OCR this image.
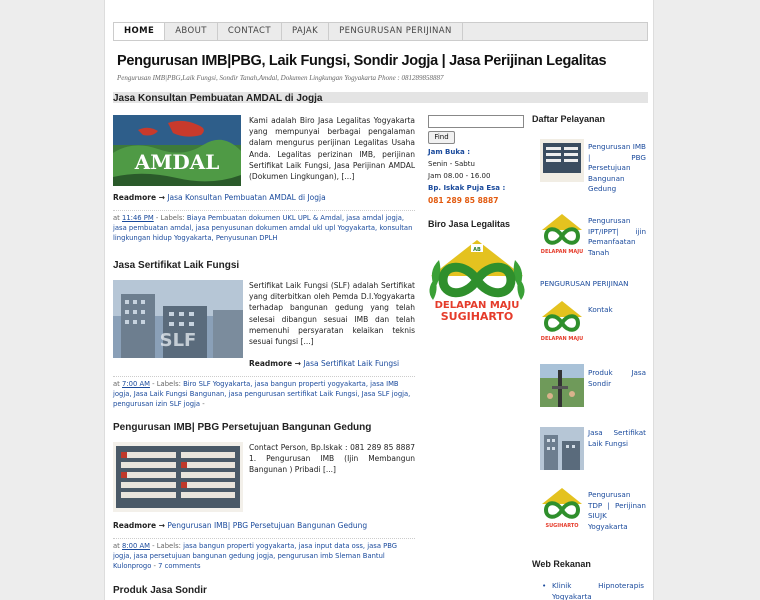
HOME	ABOUT	CONTACT	PAJAK	PENGURUSAN PERIJINAN
Pengurusan IMB|PBG, Laik Fungsi, Sondir Jogja | Jasa Perijinan Legalitas
Pengurusan IMB|PBG,Laik Fungsi, Sondir Tanah,Amdal, Dokumen Lingkungan Yogyakarta Phone : 081289858887
Jasa Konsultan Pembuatan AMDAL di Jogja
AMDAL
Kami adalah Biro Jasa Legalitas Yogyakarta yang mempunyai berbagai pengalaman dalam mengurus perijinan Legalitas Usaha Anda. Legalitas perizinan IMB, perijinan Sertifikat Laik Fungsi, Jasa Perijinan AMDAL (Dokumen Lingkungan), [...]
Readmore → Jasa Konsultan Pembuatan AMDAL di Jogja
at 11:46 PM - Labels: Biaya Pembuatan dokumen UKL UPL & Amdal, jasa amdal jogja, jasa pembuatan amdal, jasa penyusunan dokumen amdal ukl upl Yogyakarta, konsultan lingkungan hidup Yogyakarta, Penyusunan DPLH
Jasa Sertifikat Laik Fungsi
SLF
Sertifikat Laik Fungsi (SLF) adalah Sertifikat yang diterbitkan oleh Pemda D.I.Yogyakarta terhadap bangunan gedung yang telah selesai dibangun sesuai IMB dan telah memenuhi persyaratan kelaikan teknis sesuai fungsi [...]
Readmore → Jasa Sertifikat Laik Fungsi
at 7:00 AM - Labels: Biro SLF Yogyakarta, jasa bangun properti yogyakarta, jasa IMB jogja, Jasa Laik Fungsi Bangunan, jasa pengurusan sertifikat Laik Fungsi, Jasa SLF jogja, pengurusan izin SLF jogja -
Pengurusan IMB| PBG Persetujuan Bangunan Gedung
Contact Person, Bp.Iskak : 081 289 85 8887 1. Pengurusan IMB (Ijin Membangun Bangunan ) Pribadi [...]
Readmore → Pengurusan IMB| PBG Persetujuan Bangunan Gedung
at 8:00 AM - Labels: jasa bangun properti yogyakarta, jasa input data oss, jasa PBG jogja, jasa persetujuan bangunan gedung jogja, pengurusan imb Sleman Bantul Kulonprogo - 7 comments
Produk Jasa Sondir
Find
Jam Buka :
Senin - Sabtu
Jam 08.00 - 16.00
Bp. Iskak Puja Esa :
081 289 85 8887
Biro Jasa Legalitas
AB
DELAPAN MAJU
SUGIHARTO
Daftar Pelayanan
Pengurusan IMB | PBG Persetujuan Bangunan Gedung
DELAPAN MAJU
Pengurusan IPT/IPPT| ijin Pemanfaatan Tanah
PENGURUSAN PERIJINAN
DELAPAN MAJU
Kontak
Produk Jasa Sondir
Jasa Sertifikat Laik Fungsi
SUGIHARTO
Pengurusan TDP | Perijinan SIUJK Yogyakarta
Web Rekanan
• Klinik Hipnoterapis Yogyakarta
